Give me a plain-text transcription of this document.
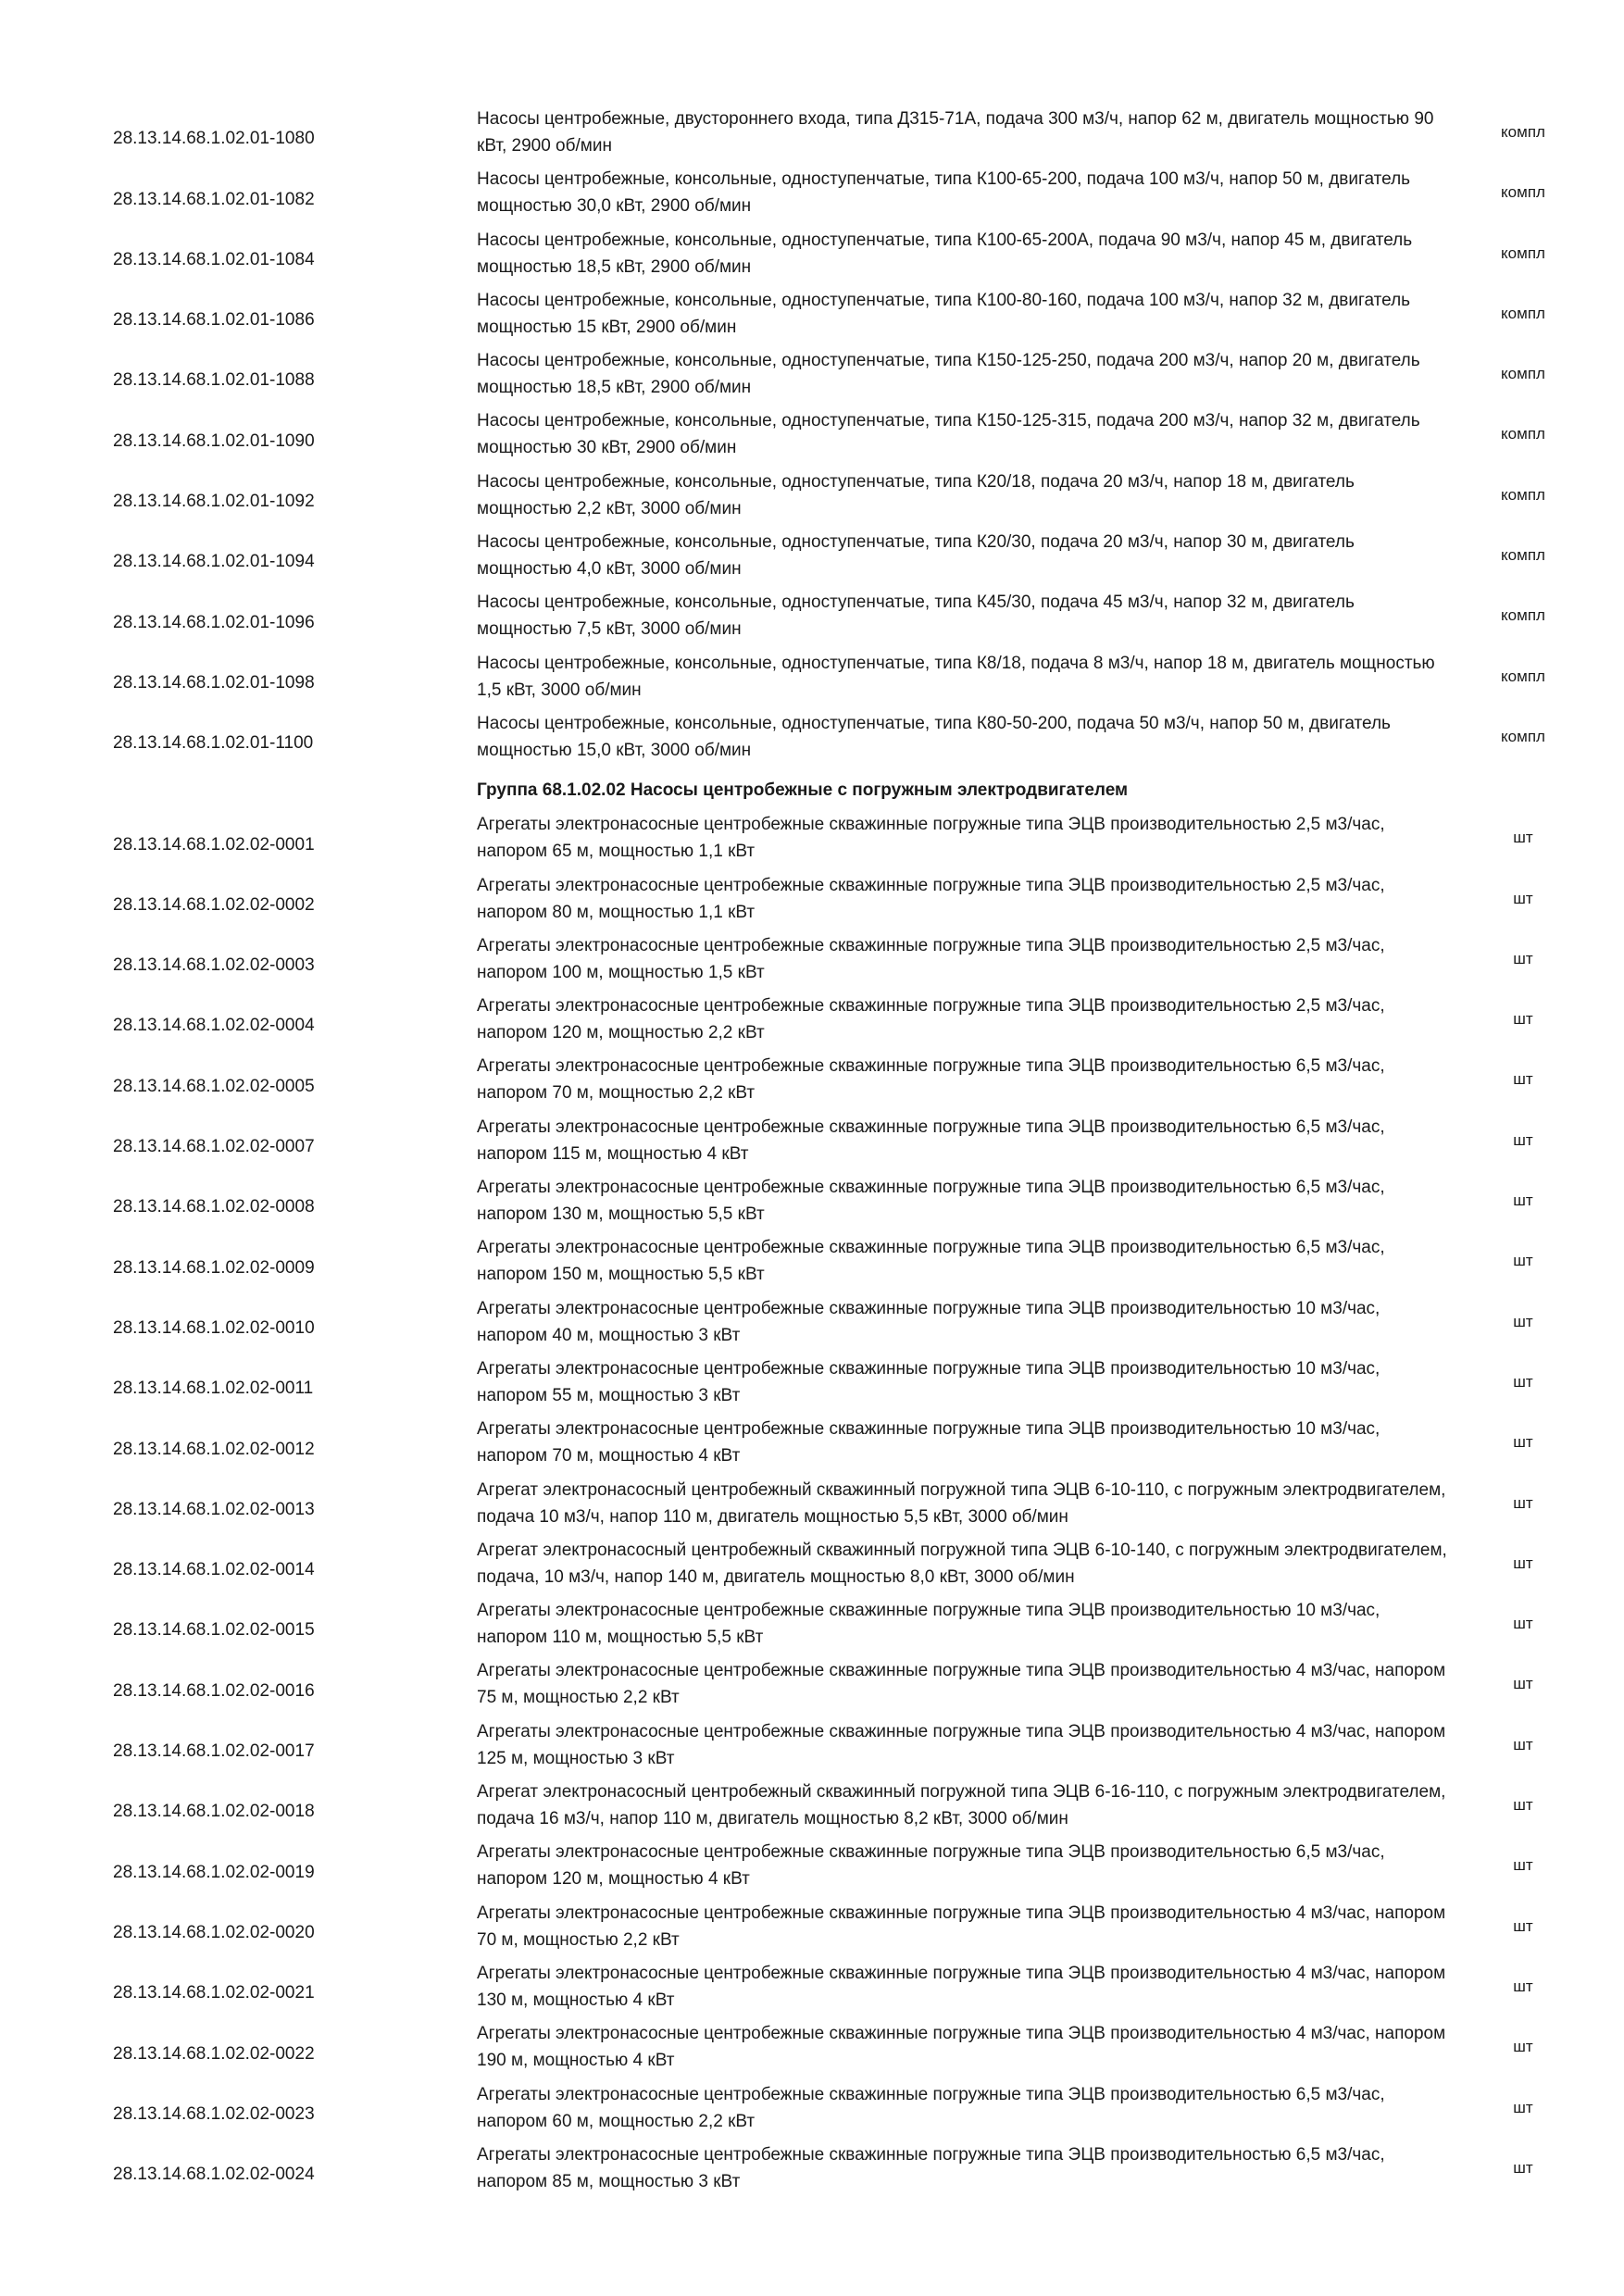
28.13.14.68.1.02.01-1080
Насосы центробежные, двустороннего входа, типа Д315-71А, подача 300 м3/ч, напор 62 м, двигатель мощностью 90 кВт, 2900 об/мин
компл
28.13.14.68.1.02.01-1082
Насосы центробежные, консольные, одноступенчатые, типа К100-65-200, подача 100 м3/ч, напор 50 м, двигатель мощностью 30,0 кВт, 2900 об/мин
компл
28.13.14.68.1.02.01-1084
Насосы центробежные, консольные, одноступенчатые, типа К100-65-200А, подача 90 м3/ч, напор 45 м, двигатель мощностью 18,5 кВт, 2900 об/мин
компл
28.13.14.68.1.02.01-1086
Насосы центробежные, консольные, одноступенчатые, типа К100-80-160, подача 100 м3/ч, напор 32 м, двигатель мощностью 15 кВт, 2900 об/мин
компл
28.13.14.68.1.02.01-1088
Насосы центробежные, консольные, одноступенчатые, типа К150-125-250, подача 200 м3/ч, напор 20 м, двигатель мощностью 18,5 кВт, 2900 об/мин
компл
28.13.14.68.1.02.01-1090
Насосы центробежные, консольные, одноступенчатые, типа К150-125-315, подача 200 м3/ч, напор 32 м, двигатель мощностью 30 кВт, 2900 об/мин
компл
28.13.14.68.1.02.01-1092
Насосы центробежные, консольные, одноступенчатые, типа К20/18, подача 20 м3/ч, напор 18 м, двигатель мощностью 2,2 кВт, 3000 об/мин
компл
28.13.14.68.1.02.01-1094
Насосы центробежные, консольные, одноступенчатые, типа К20/30, подача 20 м3/ч, напор 30 м, двигатель мощностью 4,0 кВт, 3000 об/мин
компл
28.13.14.68.1.02.01-1096
Насосы центробежные, консольные, одноступенчатые, типа К45/30, подача 45 м3/ч, напор 32 м, двигатель мощностью 7,5 кВт, 3000 об/мин
компл
28.13.14.68.1.02.01-1098
Насосы центробежные, консольные, одноступенчатые, типа К8/18, подача 8 м3/ч, напор 18 м, двигатель мощностью 1,5 кВт, 3000 об/мин
компл
28.13.14.68.1.02.01-1100
Насосы центробежные, консольные, одноступенчатые, типа К80-50-200, подача 50 м3/ч, напор 50 м, двигатель мощностью 15,0 кВт, 3000 об/мин
компл
Группа 68.1.02.02 Насосы центробежные с погружным электродвигателем
28.13.14.68.1.02.02-0001
Агрегаты электронасосные центробежные скважинные погружные типа ЭЦВ производительностью 2,5 м3/час, напором 65 м, мощностью 1,1 кВт
шт
28.13.14.68.1.02.02-0002
Агрегаты электронасосные центробежные скважинные погружные типа ЭЦВ производительностью 2,5 м3/час, напором 80 м, мощностью 1,1 кВт
шт
28.13.14.68.1.02.02-0003
Агрегаты электронасосные центробежные скважинные погружные типа ЭЦВ производительностью 2,5 м3/час, напором 100 м, мощностью 1,5 кВт
шт
28.13.14.68.1.02.02-0004
Агрегаты электронасосные центробежные скважинные погружные типа ЭЦВ производительностью 2,5 м3/час, напором 120 м, мощностью 2,2 кВт
шт
28.13.14.68.1.02.02-0005
Агрегаты электронасосные центробежные скважинные погружные типа ЭЦВ производительностью 6,5 м3/час, напором 70 м, мощностью 2,2 кВт
шт
28.13.14.68.1.02.02-0007
Агрегаты электронасосные центробежные скважинные погружные типа ЭЦВ производительностью 6,5 м3/час, напором 115 м, мощностью 4 кВт
шт
28.13.14.68.1.02.02-0008
Агрегаты электронасосные центробежные скважинные погружные типа ЭЦВ производительностью 6,5 м3/час, напором 130 м, мощностью 5,5 кВт
шт
28.13.14.68.1.02.02-0009
Агрегаты электронасосные центробежные скважинные погружные типа ЭЦВ производительностью 6,5 м3/час, напором 150 м, мощностью 5,5 кВт
шт
28.13.14.68.1.02.02-0010
Агрегаты электронасосные центробежные скважинные погружные типа ЭЦВ производительностью 10 м3/час, напором 40 м, мощностью 3 кВт
шт
28.13.14.68.1.02.02-0011
Агрегаты электронасосные центробежные скважинные погружные типа ЭЦВ производительностью 10 м3/час, напором 55 м, мощностью 3 кВт
шт
28.13.14.68.1.02.02-0012
Агрегаты электронасосные центробежные скважинные погружные типа ЭЦВ производительностью 10 м3/час, напором 70 м, мощностью 4 кВт
шт
28.13.14.68.1.02.02-0013
Агрегат электронасосный центробежный скважинный погружной типа ЭЦВ 6-10-110, с погружным электродвигателем, подача 10 м3/ч, напор 110 м, двигатель мощностью 5,5 кВт, 3000 об/мин
шт
28.13.14.68.1.02.02-0014
Агрегат электронасосный центробежный скважинный погружной типа ЭЦВ 6-10-140, с погружным электродвигателем, подача, 10 м3/ч, напор 140 м, двигатель мощностью 8,0 кВт, 3000 об/мин
шт
28.13.14.68.1.02.02-0015
Агрегаты электронасосные центробежные скважинные погружные типа ЭЦВ производительностью 10 м3/час, напором 110 м, мощностью 5,5 кВт
шт
28.13.14.68.1.02.02-0016
Агрегаты электронасосные центробежные скважинные погружные типа ЭЦВ производительностью 4 м3/час, напором 75 м, мощностью 2,2 кВт
шт
28.13.14.68.1.02.02-0017
Агрегаты электронасосные центробежные скважинные погружные типа ЭЦВ производительностью 4 м3/час, напором 125 м, мощностью 3 кВт
шт
28.13.14.68.1.02.02-0018
Агрегат электронасосный центробежный скважинный погружной типа ЭЦВ 6-16-110, с погружным электродвигателем, подача 16 м3/ч, напор 110 м, двигатель мощностью 8,2 кВт, 3000 об/мин
шт
28.13.14.68.1.02.02-0019
Агрегаты электронасосные центробежные скважинные погружные типа ЭЦВ производительностью 6,5 м3/час, напором 120 м, мощностью 4 кВт
шт
28.13.14.68.1.02.02-0020
Агрегаты электронасосные центробежные скважинные погружные типа ЭЦВ производительностью 4 м3/час, напором 70 м, мощностью 2,2 кВт
шт
28.13.14.68.1.02.02-0021
Агрегаты электронасосные центробежные скважинные погружные типа ЭЦВ производительностью 4 м3/час, напором 130 м, мощностью 4 кВт
шт
28.13.14.68.1.02.02-0022
Агрегаты электронасосные центробежные скважинные погружные типа ЭЦВ производительностью 4 м3/час, напором 190 м, мощностью 4 кВт
шт
28.13.14.68.1.02.02-0023
Агрегаты электронасосные центробежные скважинные погружные типа ЭЦВ производительностью 6,5 м3/час, напором 60 м, мощностью 2,2 кВт
шт
28.13.14.68.1.02.02-0024
Агрегаты электронасосные центробежные скважинные погружные типа ЭЦВ производительностью 6,5 м3/час, напором 85 м, мощностью 3 кВт
шт
